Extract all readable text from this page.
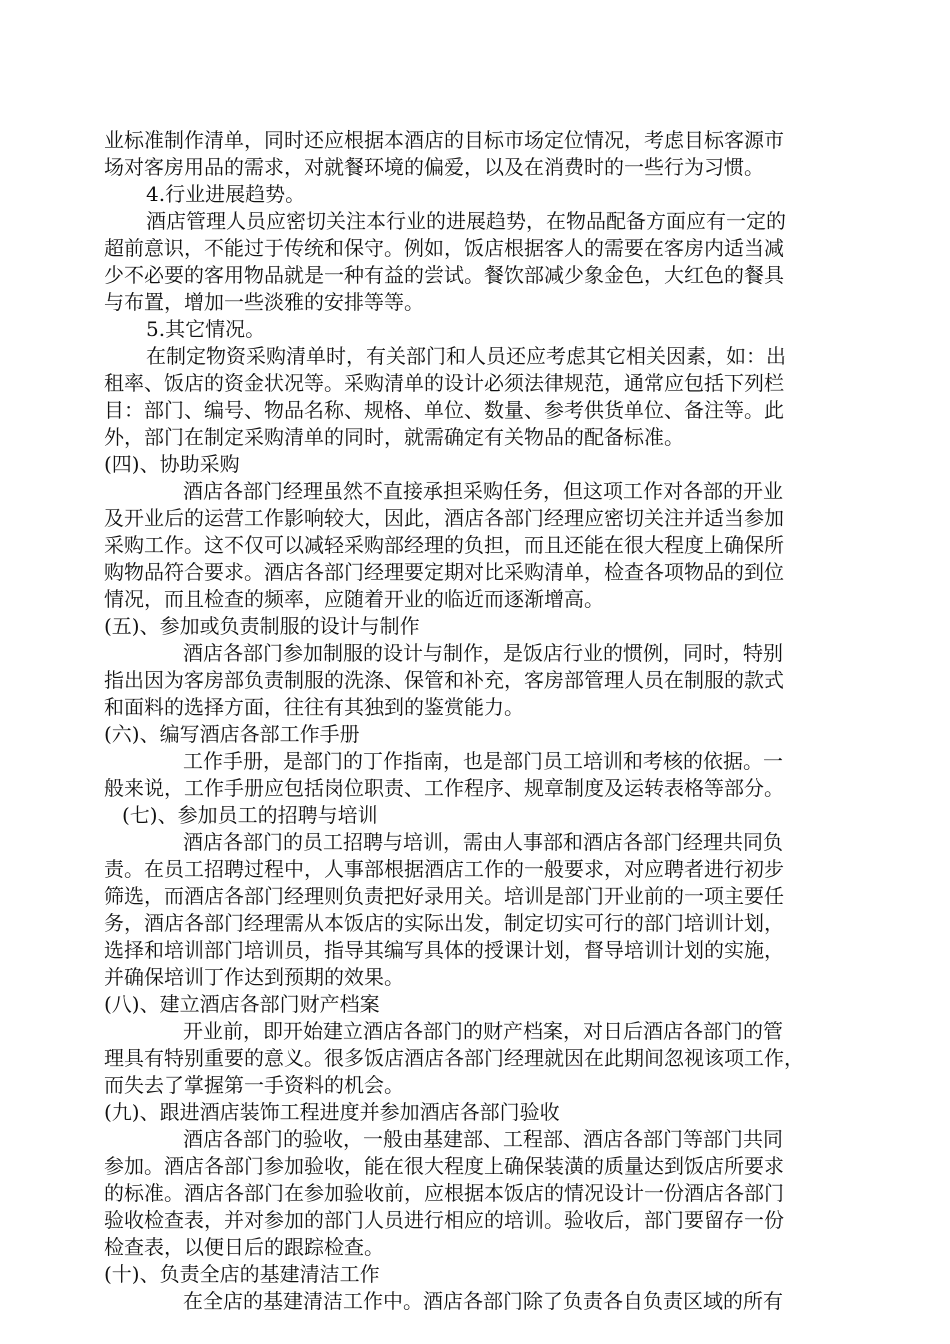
业标准制作清单，同时还应根据本酒店的目标市场定位情况，考虑目标客源市
场对客房用品的需求，对就餐环境的偏爱，以及在消费时的一些行为习惯。
4.行业进展趋势。
酒店管理人员应密切关注本行业的进展趋势，在物品配备方面应有一定的
超前意识，不能过于传统和保守。例如，饭店根据客人的需要在客房内适当减
少不必要的客用物品就是一种有益的尝试。餐饮部减少象金色，大红色的餐具
与布置，增加一些淡雅的安排等等。
5.其它情况。
在制定物资采购清单时，有关部门和人员还应考虑其它相关因素，如：出
租率、饭店的资金状况等。采购清单的设计必须法律规范，通常应包括下列栏
目：部门、编号、物品名称、规格、单位、数量、参考供货单位、备注等。此
外，部门在制定采购清单的同时，就需确定有关物品的配备标准。
(四)、协助采购
酒店各部门经理虽然不直接承担采购任务，但这项工作对各部的开业
及开业后的运营工作影响较大，因此，酒店各部门经理应密切关注并适当参加
采购工作。这不仅可以减轻采购部经理的负担，而且还能在很大程度上确保所
购物品符合要求。酒店各部门经理要定期对比采购清单，检查各项物品的到位
情况，而且检查的频率，应随着开业的临近而逐渐增高。
(五)、参加或负责制服的设计与制作
酒店各部门参加制服的设计与制作，是饭店行业的惯例，同时，特别
指出因为客房部负责制服的洗涤、保管和补充，客房部管理人员在制服的款式
和面料的选择方面，往往有其独到的鉴赏能力。
(六)、编写酒店各部工作手册
工作手册，是部门的丁作指南，也是部门员工培训和考核的依据。一
般来说，工作手册应包括岗位职责、工作程序、规章制度及运转表格等部分。
(七)、参加员工的招聘与培训
酒店各部门的员工招聘与培训，需由人事部和酒店各部门经理共同负
责。在员工招聘过程中，人事部根据酒店工作的一般要求，对应聘者进行初步
筛选，而酒店各部门经理则负责把好录用关。培训是部门开业前的一项主要任
务，酒店各部门经理需从本饭店的实际出发，制定切实可行的部门培训计划，
选择和培训部门培训员，指导其编写具体的授课计划，督导培训计划的实施，
并确保培训丁作达到预期的效果。
(八)、建立酒店各部门财产档案
开业前，即开始建立酒店各部门的财产档案，对日后酒店各部门的管
理具有特别重要的意义。很多饭店酒店各部门经理就因在此期间忽视该项工作，
而失去了掌握第一手资料的机会。
(九)、跟进酒店装饰工程进度并参加酒店各部门验收
酒店各部门的验收，一般由基建部、工程部、酒店各部门等部门共同
参加。酒店各部门参加验收，能在很大程度上确保装潢的质量达到饭店所要求
的标准。酒店各部门在参加验收前，应根据本饭店的情况设计一份酒店各部门
验收检查表，并对参加的部门人员进行相应的培训。验收后，部门要留存一份
检查表，以便日后的跟踪检查。
(十)、负责全店的基建清洁工作
在全店的基建清洁工作中。酒店各部门除了负责各自负责区域的所有
